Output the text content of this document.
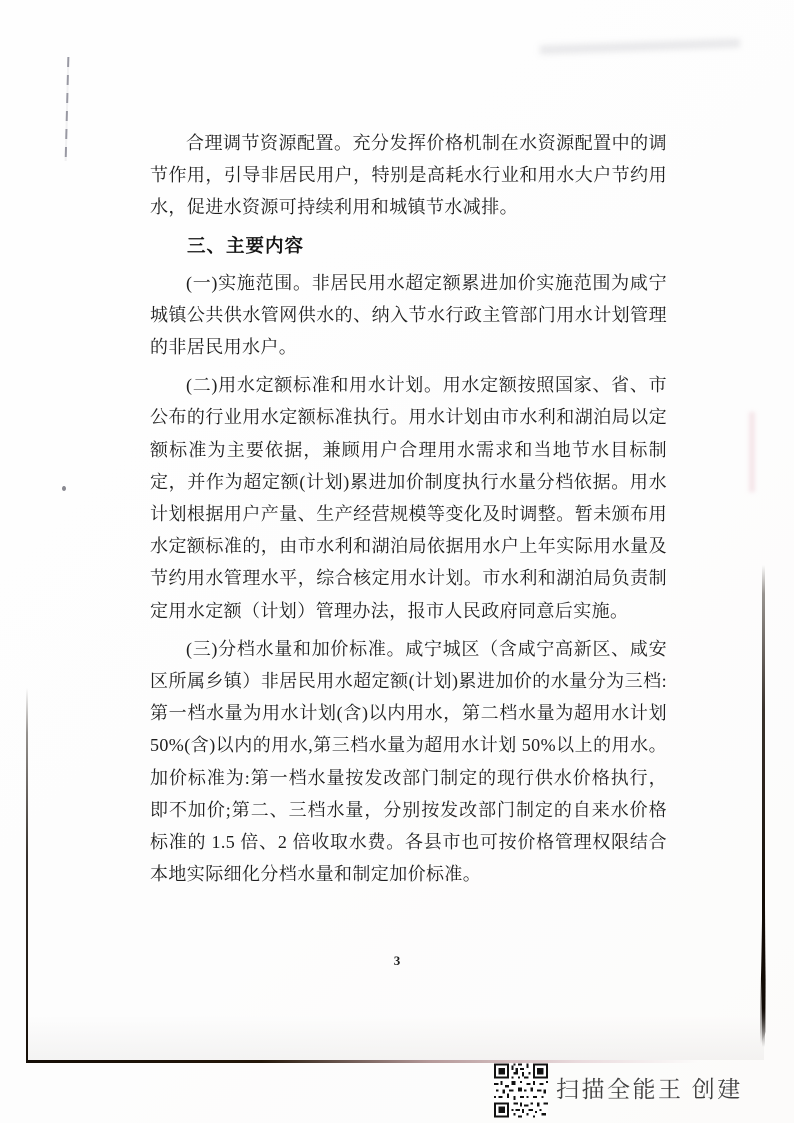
合理调节资源配置。充分发挥价格机制在水资源配置中的调节作用，引导非居民用户，特别是高耗水行业和用水大户节约用水，促进水资源可持续利用和城镇节水减排。
三、主要内容
(一)实施范围。非居民用水超定额累进加价实施范围为咸宁城镇公共供水管网供水的、纳入节水行政主管部门用水计划管理的非居民用水户。
(二)用水定额标准和用水计划。用水定额按照国家、省、市公布的行业用水定额标准执行。用水计划由市水利和湖泊局以定额标准为主要依据，兼顾用户合理用水需求和当地节水目标制定，并作为超定额(计划)累进加价制度执行水量分档依据。用水计划根据用户产量、生产经营规模等变化及时调整。暂未颁布用水定额标准的，由市水利和湖泊局依据用水户上年实际用水量及节约用水管理水平，综合核定用水计划。市水利和湖泊局负责制定用水定额（计划）管理办法，报市人民政府同意后实施。
(三)分档水量和加价标准。咸宁城区（含咸宁高新区、咸安区所属乡镇）非居民用水超定额(计划)累进加价的水量分为三档:第一档水量为用水计划(含)以内用水，第二档水量为超用水计划50%(含)以内的用水,第三档水量为超用水计划 50%以上的用水。加价标准为:第一档水量按发改部门制定的现行供水价格执行，即不加价;第二、三档水量，分别按发改部门制定的自来水价格标准的 1.5 倍、2 倍收取水费。各县市也可按价格管理权限结合本地实际细化分档水量和制定加价标准。
3
扫描全能王 创建
